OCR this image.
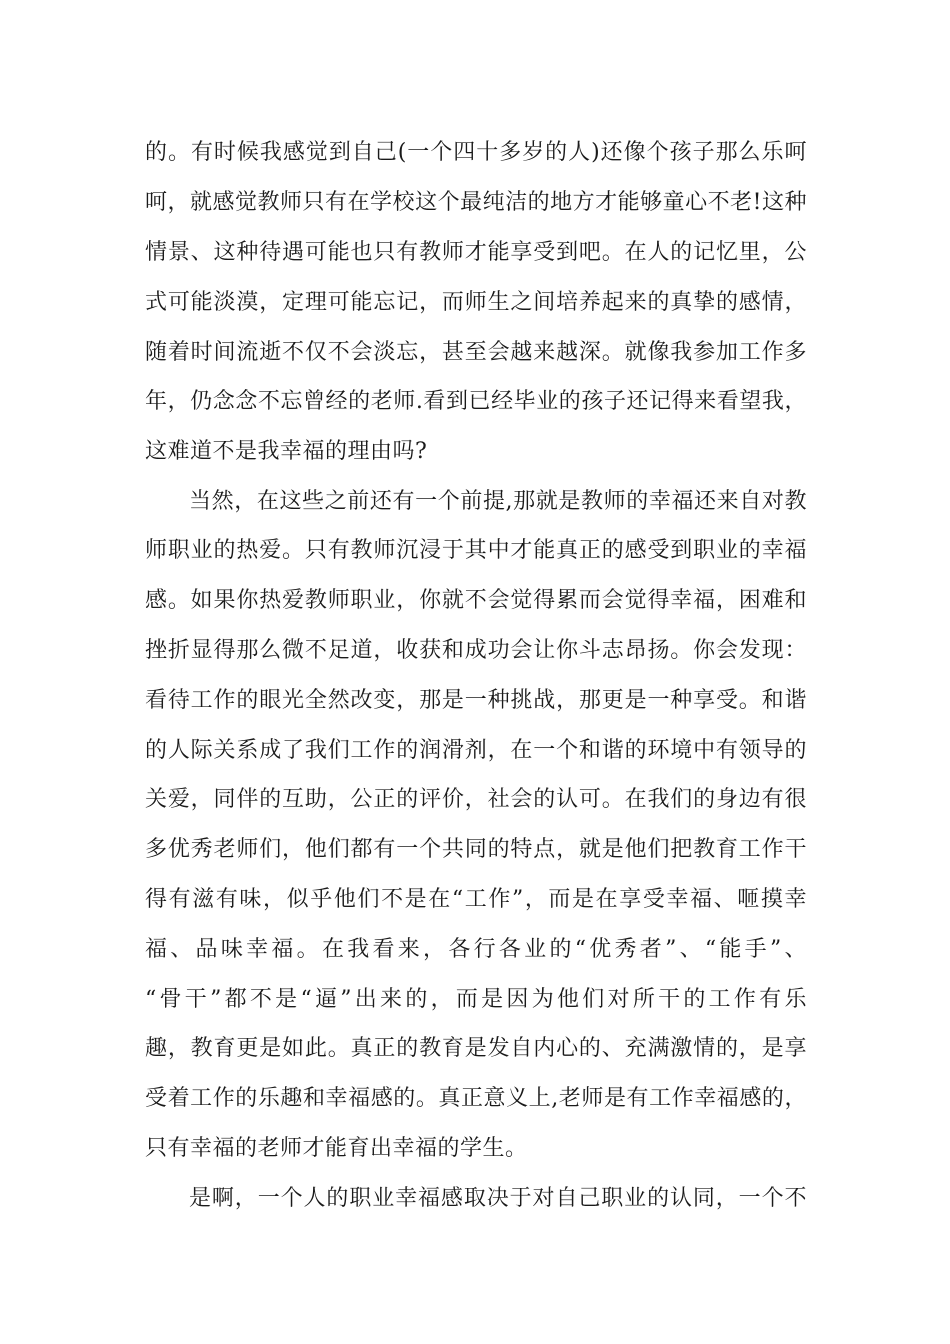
的。有时候我感觉到自己(一个四十多岁的人)还像个孩子那么乐呵
呵，就感觉教师只有在学校这个最纯洁的地方才能够童心不老!这种
情景、这种待遇可能也只有教师才能享受到吧。在人的记忆里，公
式可能淡漠，定理可能忘记，而师生之间培养起来的真挚的感情，
随着时间流逝不仅不会淡忘，甚至会越来越深。就像我参加工作多
年，仍念念不忘曾经的老师.看到已经毕业的孩子还记得来看望我，
这难道不是我幸福的理由吗?
当然，在这些之前还有一个前提,那就是教师的幸福还来自对教
师职业的热爱。只有教师沉浸于其中才能真正的感受到职业的幸福
感。如果你热爱教师职业，你就不会觉得累而会觉得幸福，困难和
挫折显得那么微不足道，收获和成功会让你斗志昂扬。你会发现：
看待工作的眼光全然改变，那是一种挑战，那更是一种享受。和谐
的人际关系成了我们工作的润滑剂，在一个和谐的环境中有领导的
关爱，同伴的互助，公正的评价，社会的认可。在我们的身边有很
多优秀老师们，他们都有一个共同的特点，就是他们把教育工作干
得有滋有味，似乎他们不是在“工作”，而是在享受幸福、咂摸幸
福、品味幸福。在我看来，各行各业的“优秀者”、“能手”、
“骨干”都不是“逼”出来的，而是因为他们对所干的工作有乐
趣，教育更是如此。真正的教育是发自内心的、充满激情的，是享
受着工作的乐趣和幸福感的。真正意义上,老师是有工作幸福感的，
只有幸福的老师才能育出幸福的学生。
是啊，一个人的职业幸福感取决于对自己职业的认同，一个不
